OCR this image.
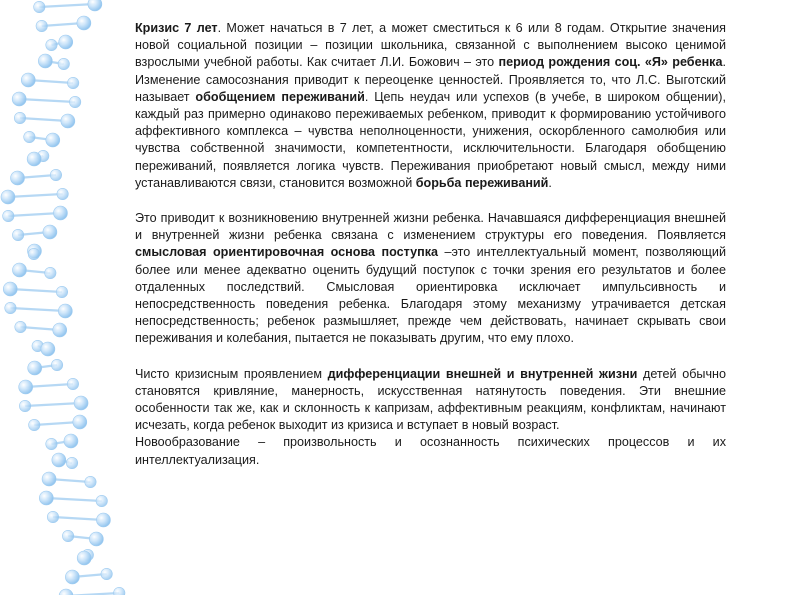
Кризис 7 лет. Может начаться в 7 лет, а может сместиться к 6 или 8 годам. Открытие значения новой социальной позиции – позиции школьника, связанной с выполнением высоко ценимой взрослыми учебной работы. Как считает Л.И. Божович – это период рождения соц. «Я» ребенка. Изменение самосознания приводит к переоценке ценностей. Проявляется то, что Л.С. Выготский называет обобщением переживаний. Цепь неудач или успехов (в учебе, в широком общении), каждый раз примерно одинаково переживаемых ребенком, приводит к формированию устойчивого аффективного комплекса – чувства неполноценности, унижения, оскорбленного самолюбия или чувства собственной значимости, компетентности, исключительности. Благодаря обобщению переживаний, появляется логика чувств. Переживания приобретают новый смысл, между ними устанавливаются связи, становится возможной борьба переживаний.

Это приводит к возникновению внутренней жизни ребенка. Начавшаяся дифференциация внешней и внутренней жизни ребенка связана с изменением структуры его поведения. Появляется смысловая ориентировочная основа поступка –это интеллектуальный момент, позволяющий более или менее адекватно оценить будущий поступок с точки зрения его результатов и более отдаленных последствий. Смысловая ориентировка исключает импульсивность и непосредственность поведения ребенка. Благодаря этому механизму утрачивается детская непосредственность; ребенок размышляет, прежде чем действовать, начинает скрывать свои переживания и колебания, пытается не показывать другим, что ему плохо.

Чисто кризисным проявлением дифференциации внешней и внутренней жизни детей обычно становятся кривляние, манерность, искусственная натянутость поведения. Эти внешние особенности так же, как и склонность к капризам, аффективным реакциям, конфликтам, начинают исчезать, когда ребенок выходит из кризиса и вступает в новый возраст.

Новообразование – произвольность и осознанность психических процессов и их интеллектуализация.
